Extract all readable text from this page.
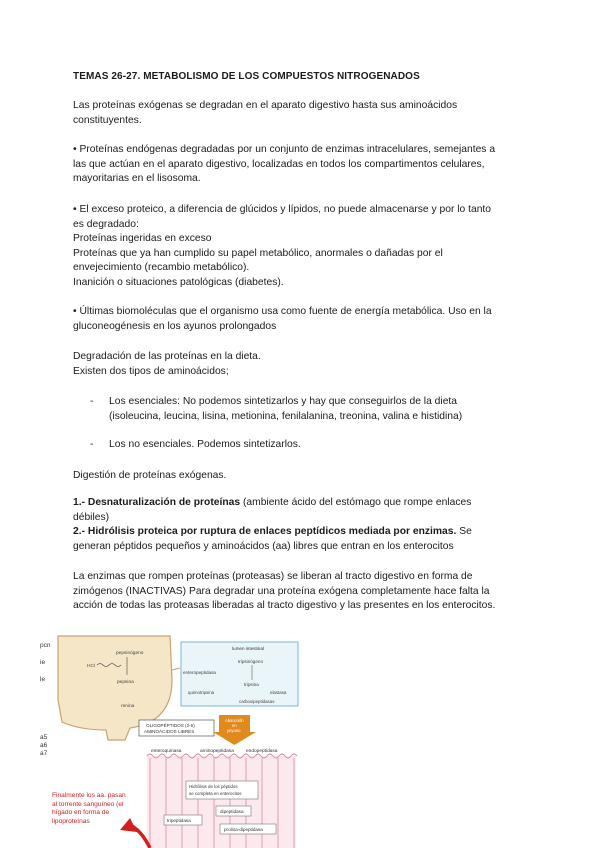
TEMAS 26-27. METABOLISMO DE LOS COMPUESTOS NITROGENADOS

Las proteínas exógenas se degradan en el aparato digestivo hasta sus aminoácidos
constituyentes.

• Proteínas endógenas degradadas por un conjunto de enzimas intracelulares, semejantes a
las que actúan en el aparato digestivo, localizadas en todos los compartimentos celulares,
mayoritarias en el lisosoma.

• El exceso proteico, a diferencia de glúcidos y lípidos, no puede almacenarse y por lo tanto
es degradado:
Proteínas ingeridas en exceso
Proteínas que ya han cumplido su papel metabólico, anormales o dañadas por el
envejecimiento (recambio metabólico).
Inanición o situaciones patológicas (diabetes).

• Últimas biomoléculas que el organismo usa como fuente de energía metabólica. Uso en la
gluconeogénesis en los ayunos prolongados

Degradación de las proteínas en la dieta.
Existen dos tipos de aminoácidos;

- Los esenciales: No podemos sintetizarlos y hay que conseguirlos de la dieta
(isoleucina, leucina, lisina, metionina, fenilalanina, treonina, valina e histidina)
- Los no esenciales. Podemos sintetizarlos.

Digestión de proteínas exógenas.

1.- Desnaturalización de proteínas (ambiente ácido del estómago que rompe enlaces
débiles)
2.- Hidrólisis proteica por ruptura de enlaces peptídicos mediada por enzimas. Se
generan péptidos pequeños y aminoácidos (aa) libres que entran en los enterocitos

La enzimas que rompen proteínas (proteasas) se liberan al tracto digestivo en forma de
zimógenos (INACTIVAS) Para degradar una proteína exógena completamente hace falta la
acción de todas las proteasas liberadas al tracto digestivo y las presentes en los enterocitos.

pcn
ie
le
a5
a6
a7
pepsinógeno
HCl
pepsina
renina
lumen intestinal
tripsinógeno
enteropeptidasa
tripsina
quimotripsina	elastasa
carboxipeptidasas
OLIGOPÉPTIDOS (2-6)
AMINOÁCIDOS LIBRES
Absorción
en
yeyuno
enteroquinasa	aminopeptidasa	endopeptidasa
Hidrólisis de los péptidos
se completa en enterocitos
dipeptidasa
tripeptidasa
prolina-dipeptidasa
Finalmente los aa. pasan
al torrente sanguíneo (el
hígado en forma de
lipoproteínas
